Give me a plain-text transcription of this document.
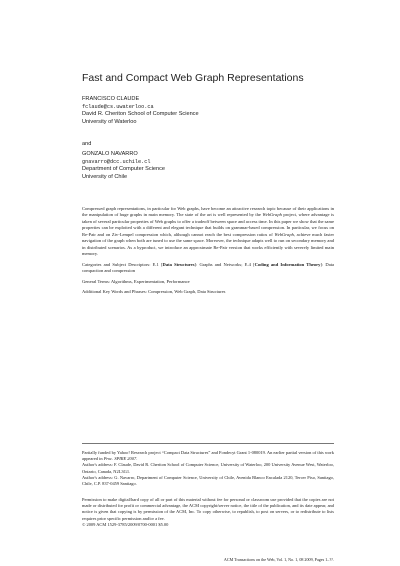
Fast and Compact Web Graph Representations
FRANCISCO CLAUDE
fclaude@cs.uwaterloo.ca
David R. Cheriton School of Computer Science
University of Waterloo
and
GONZALO NAVARRO
gnavarro@dcc.uchile.cl
Department of Computer Science
University of Chile

Compressed graph representations, in particular for Web graphs, have become an attractive research topic because of their applications in the manipulation of huge graphs in main memory. The state of the art is well represented by the WebGraph project, where advantage is taken of several particular properties of Web graphs to offer a tradeoff between space and access time. In this paper we show that the same properties can be exploited with a different and elegant technique that builds on grammar-based compression. In particular, we focus on Re-Pair and on Ziv-Lempel compression which, although cannot reach the best compression ratios of WebGraph, achieve much faster navigation of the graph when both are tuned to use the same space. Moreover, the technique adapts well to run on secondary memory and in distributed scenarios. As a byproduct, we introduce an approximate Re-Pair version that works efficiently with severely limited main memory.

Categories and Subject Descriptors: E.1 [Data Structures]: Graphs and Networks; E.4 [Coding and Information Theory]: Data compaction and compression

General Terms: Algorithms, Experimentation, Performance

Additional Key Words and Phrases: Compression, Web Graph, Data Structures

Partially funded by Yahoo! Research project “Compact Data Structures” and Fondecyt Grant 1-080019. An earlier partial version of this work appeared in Proc. SPIRE 2007.
Author's address: F. Claude, David R. Cheriton School of Computer Science, University of Waterloo, 200 University Avenue West, Waterloo, Ontario, Canada, N2L3G1.
Author's address: G. Navarro, Department of Computer Science, University of Chile, Avenida Blanco Encalada 2120, Tercer Piso, Santiago, Chile, C.P. 837-0459 Santiago.
Permission to make digital/hard copy of all or part of this material without fee for personal or classroom use provided that the copies are not made or distributed for profit or commercial advantage, the ACM copyright/server notice, the title of the publication, and its date appear, and notice is given that copying is by permission of the ACM, Inc. To copy otherwise, to republish, to post on servers, or to redistribute to lists requires prior specific permission and/or a fee.
© 2009 ACM 1529-3785/2009/0700-0001 $5.00
ACM Transactions on the Web, Vol. 1, No. 1, 08 2009, Pages 1–??.
